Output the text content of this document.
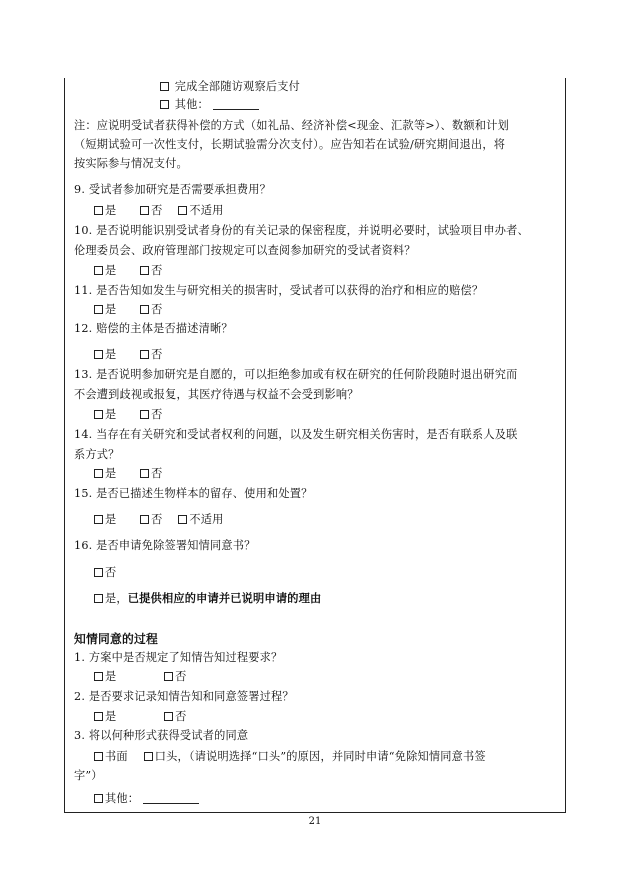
完成全部随访观察后支付
其他：
注：应说明受试者获得补偿的方式（如礼品、经济补偿<现金、汇款等>）、数额和计划
（短期试验可一次性支付，长期试验需分次支付）。应告知若在试验/研究期间退出，将
按实际参与情况支付。
9. 受试者参加研究是否需要承担费用？
是	否 不适用
10. 是否说明能识别受试者身份的有关记录的保密程度，并说明必要时，试验项目申办者、
伦理委员会、政府管理部门按规定可以查阅参加研究的受试者资料？
是	否
11. 是否告知如发生与研究相关的损害时，受试者可以获得的治疗和相应的赔偿？
是	否
12. 赔偿的主体是否描述清晰？
是	否
13. 是否说明参加研究是自愿的，可以拒绝参加或有权在研究的任何阶段随时退出研究而
不会遭到歧视或报复，其医疗待遇与权益不会受到影响？
是	否
14. 当存在有关研究和受试者权利的问题，以及发生研究相关伤害时，是否有联系人及联
系方式？
是	否
15. 是否已描述生物样本的留存、使用和处置？
是	否 不适用
16. 是否申请免除签署知情同意书？
否
是，已提供相应的申请并已说明申请的理由
知情同意的过程
1. 方案中是否规定了知情告知过程要求？
是	否
2. 是否要求记录知情告知和同意签署过程？
是	否
3. 将以何种形式获得受试者的同意
书面 口头，（请说明选择“口头”的原因，并同时申请“免除知情同意书签
字”）
其他：
21
